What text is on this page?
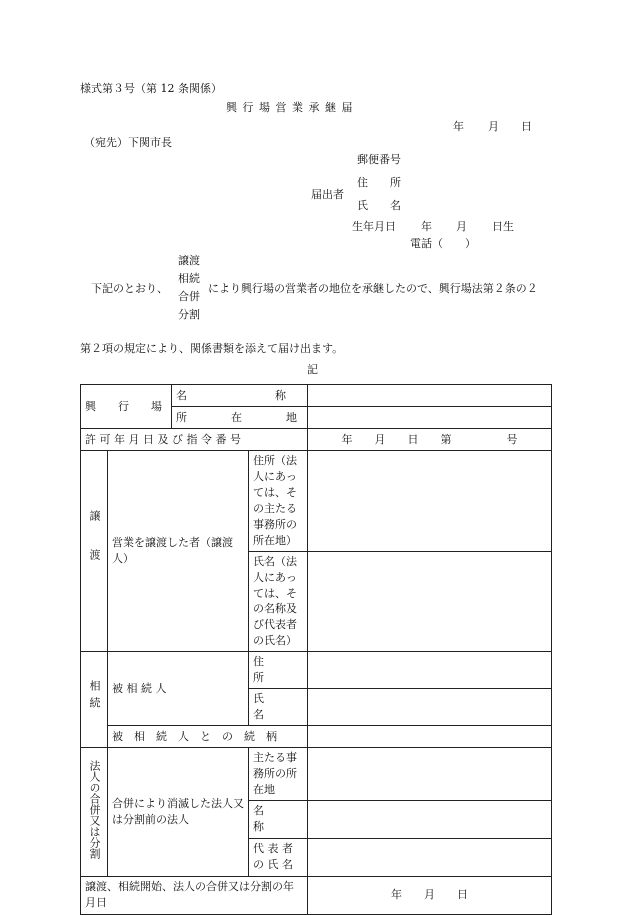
様式第３号（第 12 条関係）
興 行 場 営 業 承 継 届
年 月 日
（宛先）下関市長
郵便番号
届出者
住　　所
氏　　名
生年月日 年 月 日生
電話（　　）
下記のとおり、
譲渡
相続
合併
分割
により興行場の営業者の地位を承継したので、興行場法第２条の２
第２項の規定により、関係書類を添えて届け出ます。
記
興　　行　　場		名　　　　　　　　称		
		所　　　　在　　　　地		
許 可 年 月 日 及 び 指 令 番 号				年　　月　　日　　第　　　　　号
譲渡	営業を譲渡した者（譲渡人）		住所（法人にあっては、その主たる事務所の所在地）	
			氏名（法人にあっては、その名称及び代表者の氏名）	
相続	被 相 続 人		住　　　　　　　所	
			氏　　　　　　　名	
	被　相　続　人　と　の　続　柄			
法人の合併又は分割	合併により消滅した法人又は分割前の法人		主たる事務所の所在地	
			名　　　　　　　称	
			代 表 者 の 氏 名	
譲渡、相続開始、法人の合併又は分割の年月日				年　　月　　日
